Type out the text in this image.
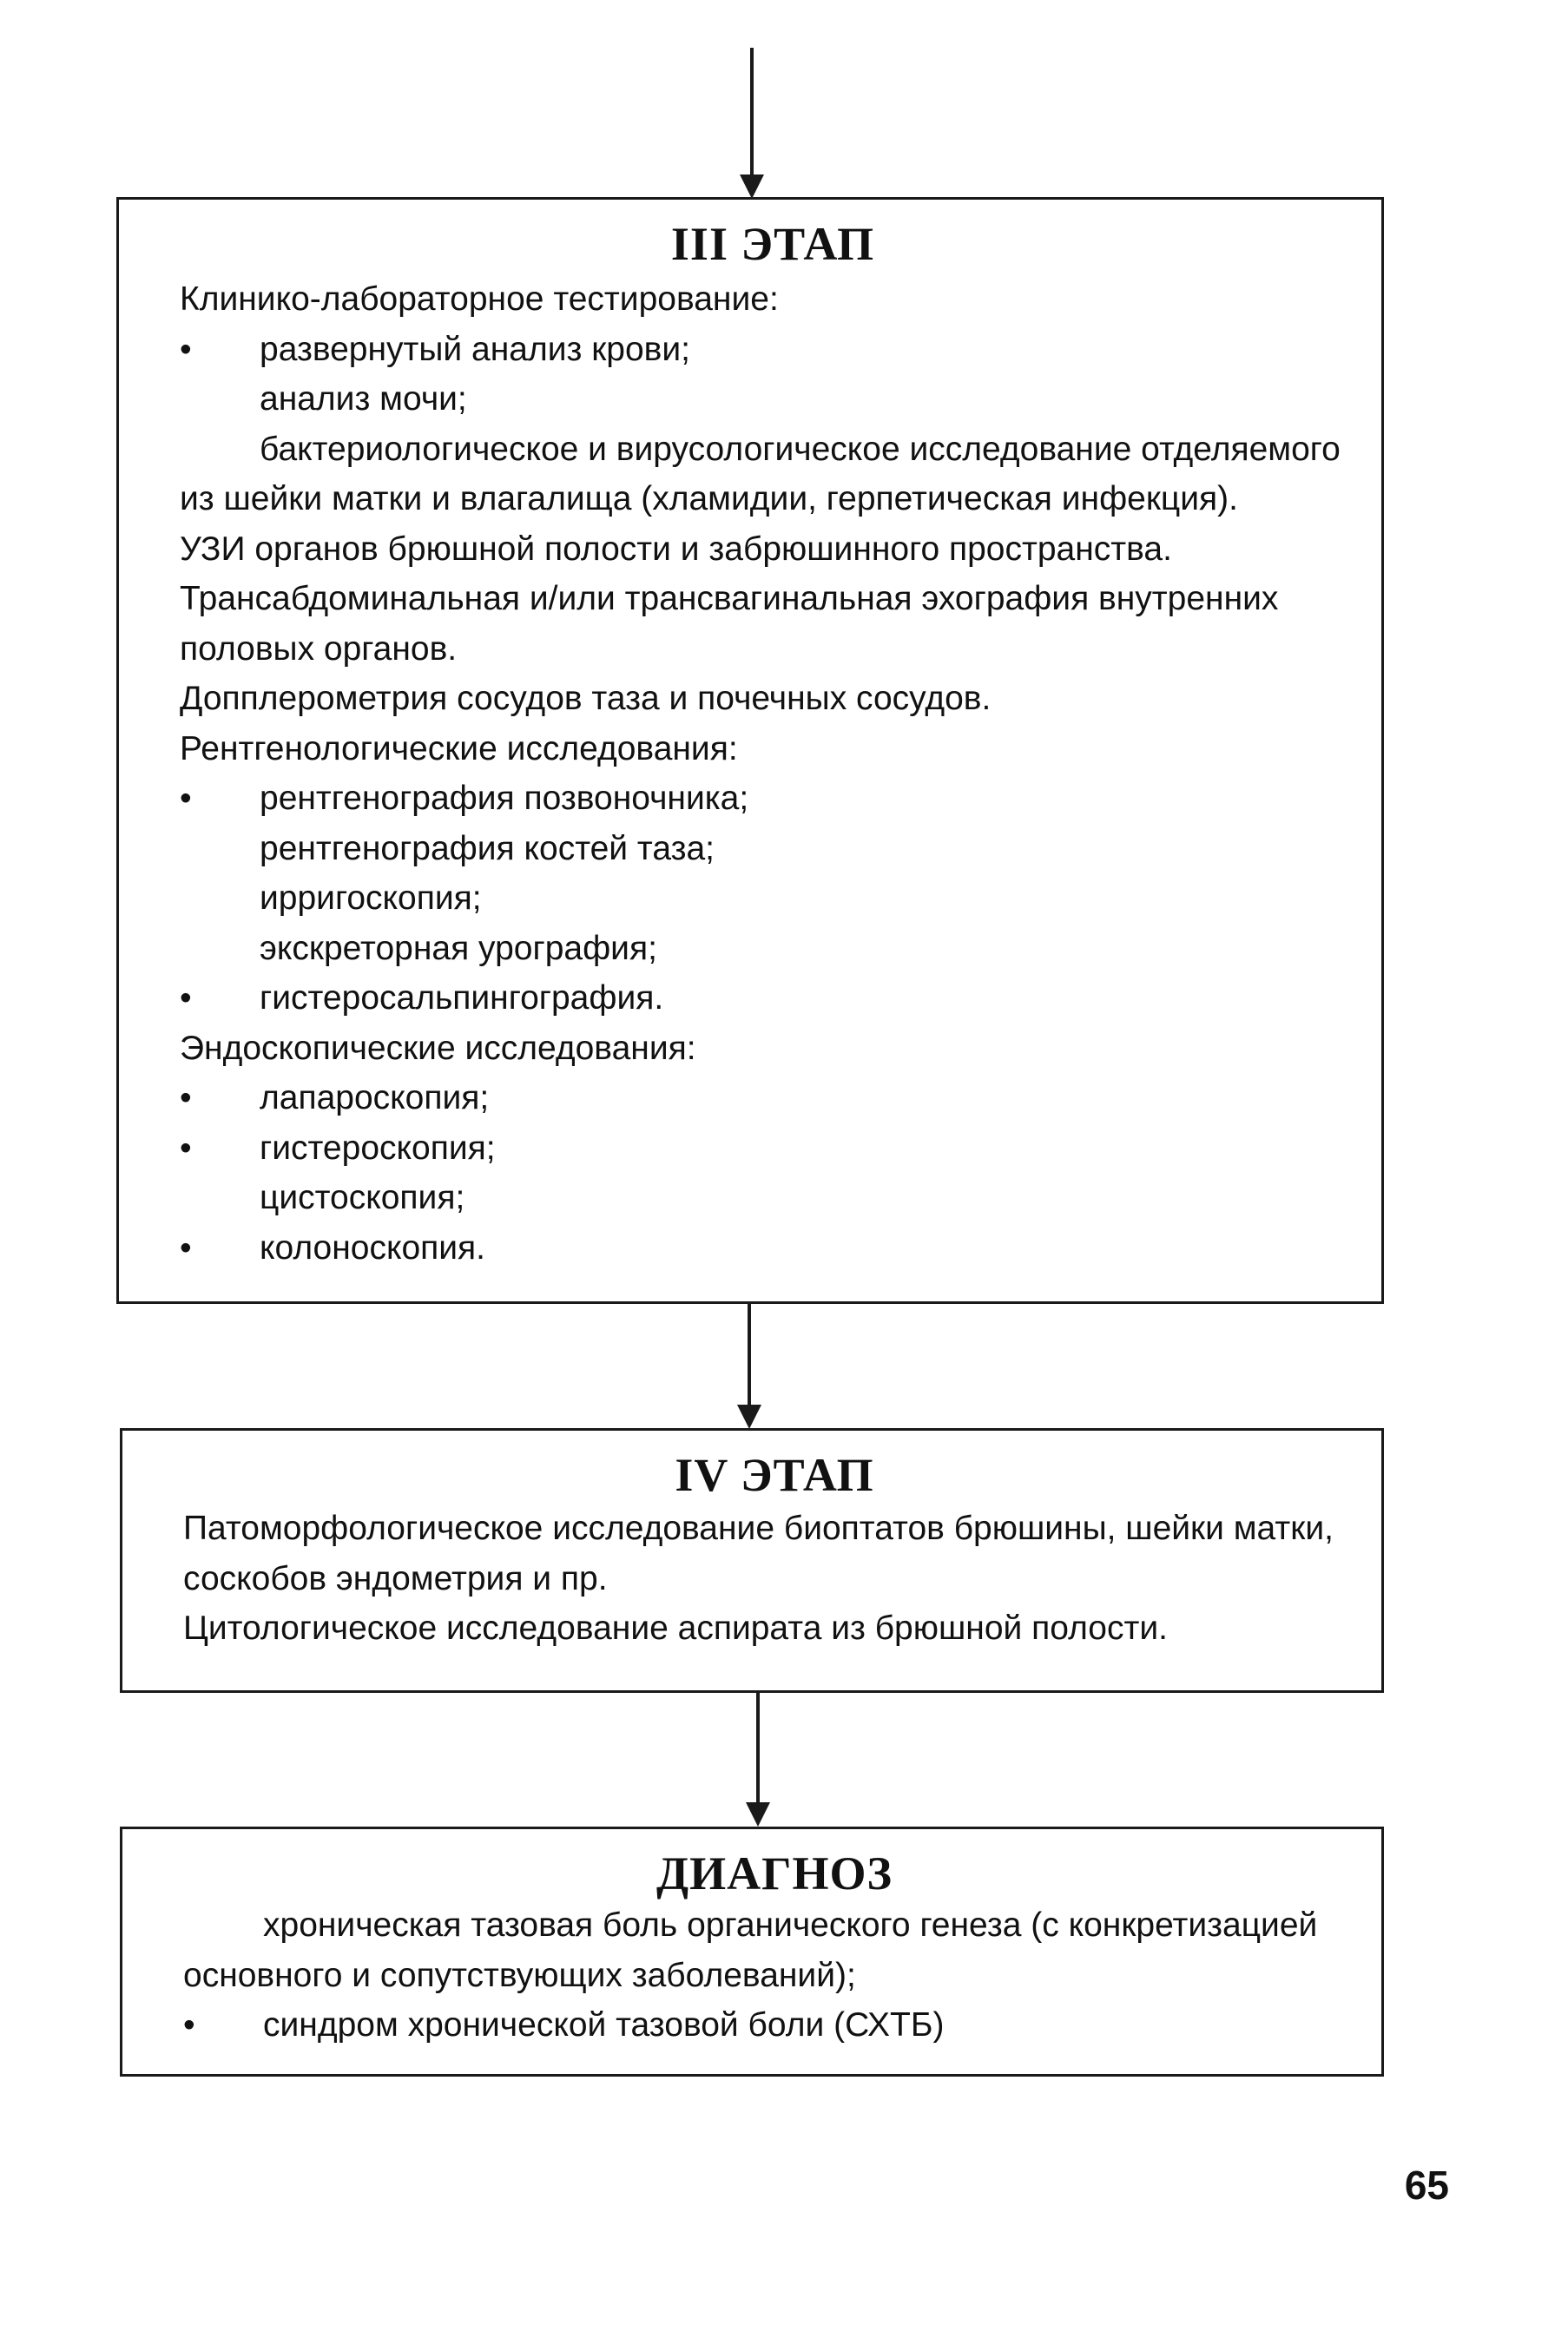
III ЭТАП
Клинико-лабораторное тестирование:
• развернутый анализ крови;
анализ мочи;
бактериологическое и вирусологическое исследование отделяемого
из шейки матки и влагалища (хламидии, герпетическая инфекция).
УЗИ органов брюшной полости и забрюшинного пространства.
Трансабдоминальная и/или трансвагинальная эхография внутренних
половых органов.
Допплерометрия сосудов таза и почечных сосудов.
Рентгенологические исследования:
• рентгенография позвоночника;
рентгенография костей таза;
ирригоскопия;
экскреторная урография;
• гистеросальпингография.
Эндоскопические исследования:
• лапароскопия;
• гистероскопия;
цистоскопия;
• колоноскопия.
IV ЭТАП
Патоморфологическое исследование биоптатов брюшины, шейки матки,
соскобов эндометрия и пр.
Цитологическое исследование аспирата из брюшной полости.
ДИАГНОЗ
хроническая тазовая боль органического генеза (с конкретизацией
основного и сопутствующих заболеваний);
• синдром хронической тазовой боли (СХТБ)
65
